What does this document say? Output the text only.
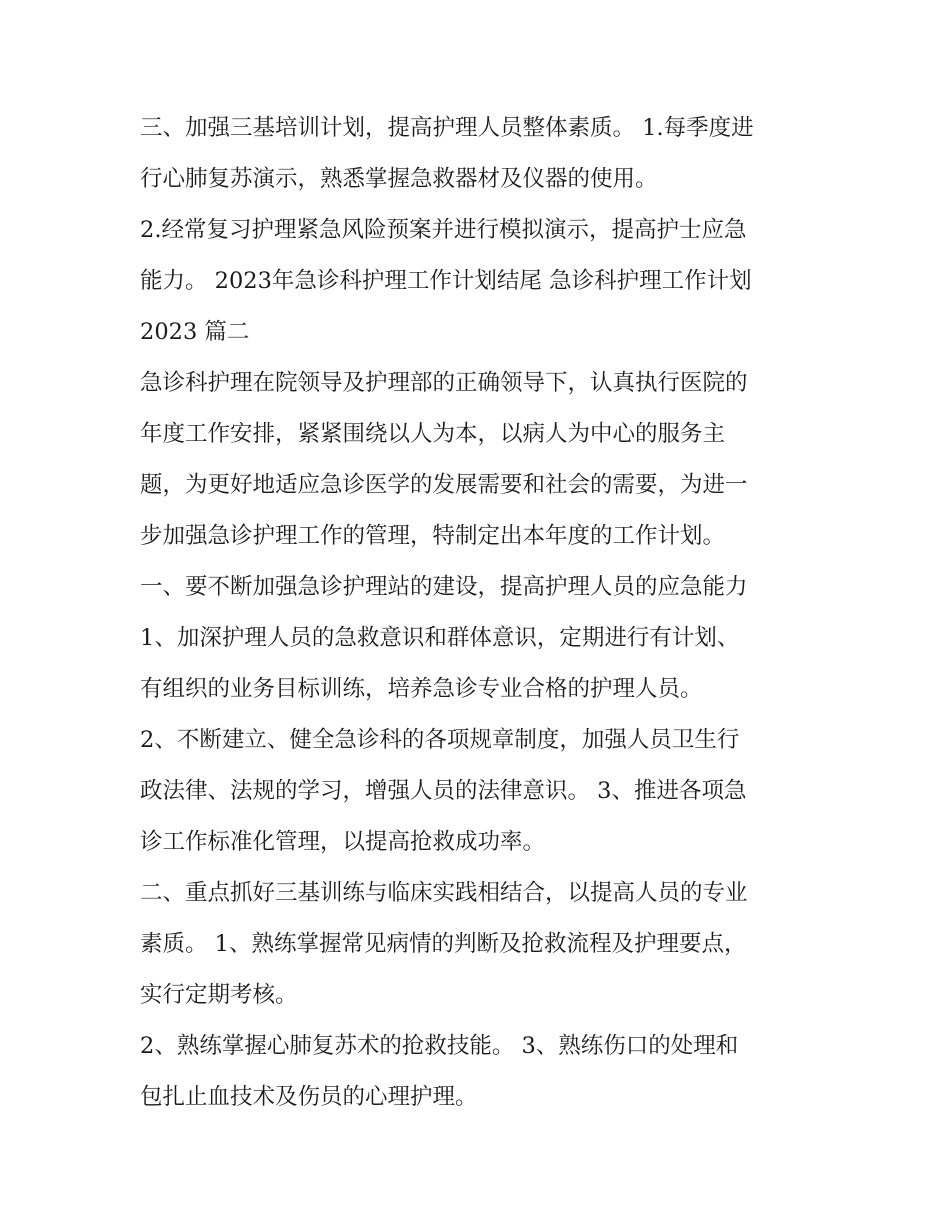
三、加强三基培训计划，提高护理人员整体素质。 1.每季度进
行心肺复苏演示，熟悉掌握急救器材及仪器的使用。
2.经常复习护理紧急风险预案并进行模拟演示，提高护士应急
能力。 2023年急诊科护理工作计划结尾 急诊科护理工作计划
2023 篇二
急诊科护理在院领导及护理部的正确领导下，认真执行医院的
年度工作安排，紧紧围绕以人为本，以病人为中心的服务主
题，为更好地适应急诊医学的发展需要和社会的需要，为进一
步加强急诊护理工作的管理，特制定出本年度的工作计划。
一、要不断加强急诊护理站的建设，提高护理人员的应急能力
1、加深护理人员的急救意识和群体意识，定期进行有计划、
有组织的业务目标训练，培养急诊专业合格的护理人员。
2、不断建立、健全急诊科的各项规章制度，加强人员卫生行
政法律、法规的学习，增强人员的法律意识。 3、推进各项急
诊工作标准化管理，以提高抢救成功率。
二、重点抓好三基训练与临床实践相结合，以提高人员的专业
素质。 1、熟练掌握常见病情的判断及抢救流程及护理要点，
实行定期考核。
2、熟练掌握心肺复苏术的抢救技能。 3、熟练伤口的处理和
包扎止血技术及伤员的心理护理。
